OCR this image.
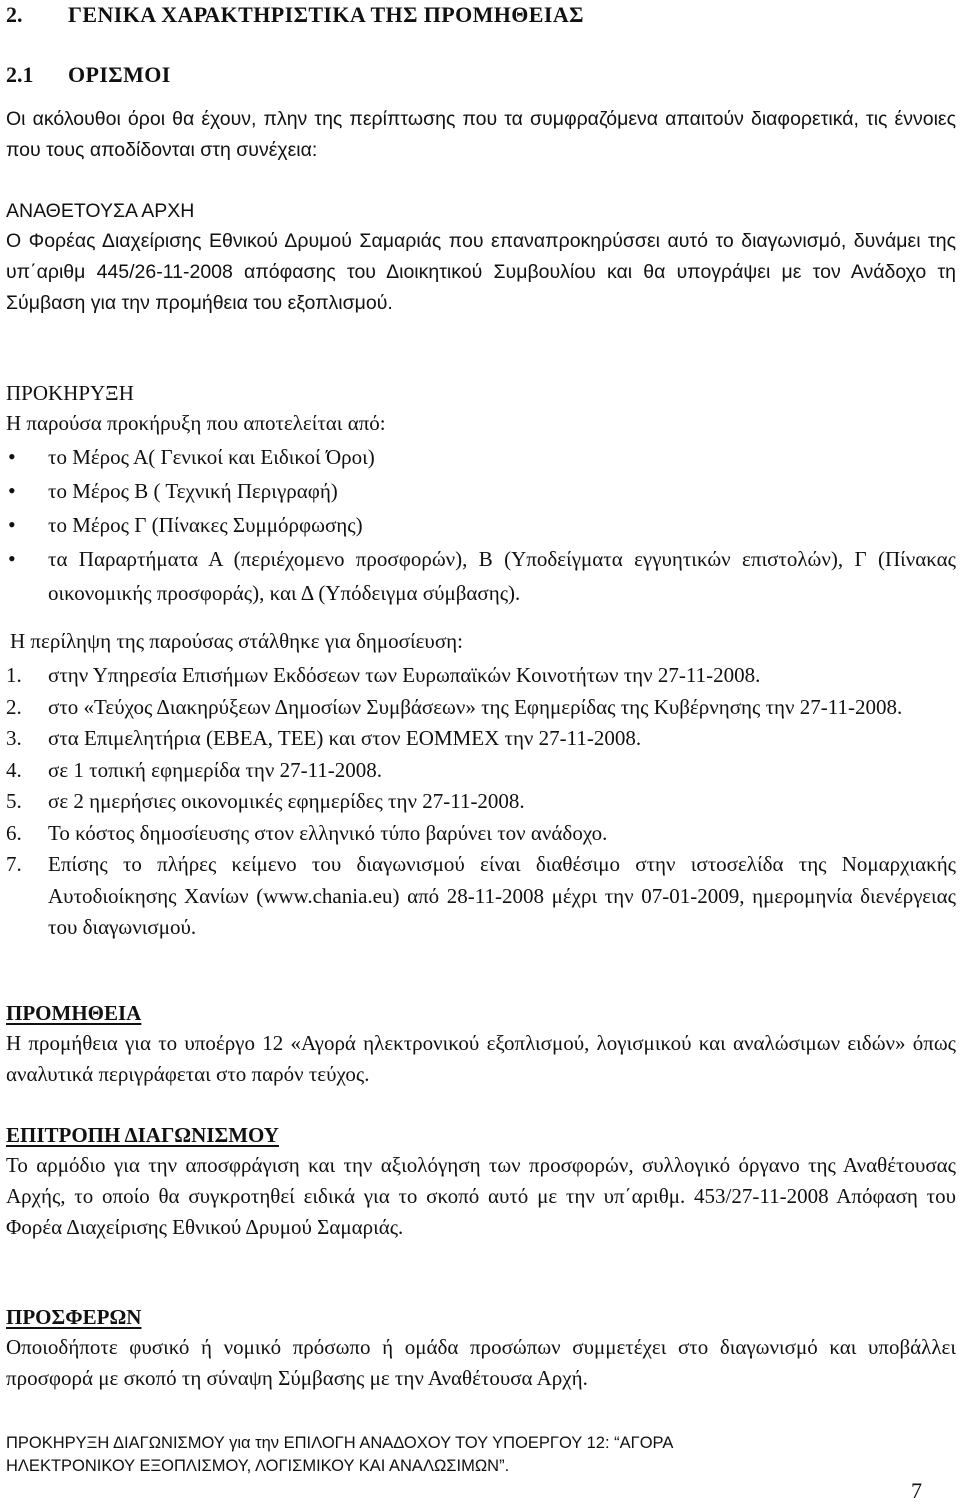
2. ΓΕΝΙΚΑ ΧΑΡΑΚΤΗΡΙΣΤΙΚΑ ΤΗΣ ΠΡΟΜΗΘΕΙΑΣ
2.1 ΟΡΙΣΜΟΙ
Οι ακόλουθοι όροι θα έχουν, πλην της περίπτωσης που τα συμφραζόμενα απαιτούν διαφορετικά, τις έννοιες που τους αποδίδονται στη συνέχεια:
ΑΝΑΘΕΤΟΥΣΑ ΑΡΧΗ
Ο Φορέας Διαχείρισης Εθνικού Δρυμού Σαμαριάς που επαναπροκηρύσσει αυτό το διαγωνισμό, δυνάμει της υπ΄αριθμ 445/26-11-2008 απόφασης του Διοικητικού Συμβουλίου και θα υπογράψει με τον Ανάδοχο τη Σύμβαση για την προμήθεια του εξοπλισμού.
ΠΡΟΚΗΡΥΞΗ
Η παρούσα προκήρυξη που αποτελείται από:
• το Μέρος Α( Γενικοί και Ειδικοί Όροι)
• το Μέρος Β ( Τεχνική Περιγραφή)
• το Μέρος Γ (Πίνακες Συμμόρφωσης)
• τα Παραρτήματα Α (περιέχομενο προσφορών), Β (Υποδείγματα εγγυητικών επιστολών), Γ (Πίνακας οικονομικής προσφοράς), και Δ (Υπόδειγμα σύμβασης).
Η περίληψη της παρούσας στάλθηκε για δημοσίευση:
1. στην Υπηρεσία Επισήμων Εκδόσεων των Ευρωπαϊκών Κοινοτήτων την 27-11-2008.
2. στο «Τεύχος Διακηρύξεων Δημοσίων Συμβάσεων» της Εφημερίδας της Κυβέρνησης την 27-11-2008.
3. στα Επιμελητήρια (ΕΒΕΑ, ΤΕΕ) και στον ΕΟΜΜΕΧ την 27-11-2008.
4. σε 1 τοπική εφημερίδα την 27-11-2008.
5. σε 2 ημερήσιες οικονομικές εφημερίδες την 27-11-2008.
6. Το κόστος δημοσίευσης στον ελληνικό τύπο βαρύνει τον ανάδοχο.
7. Επίσης το πλήρες κείμενο του διαγωνισμού είναι διαθέσιμο στην ιστοσελίδα της Νομαρχιακής Αυτοδιοίκησης Χανίων (www.chania.eu) από 28-11-2008 μέχρι την 07-01-2009, ημερομηνία διενέργειας του διαγωνισμού.
ΠΡΟΜΗΘΕΙΑ
Η προμήθεια για το υποέργο 12 «Αγορά ηλεκτρονικού εξοπλισμού, λογισμικού και αναλώσιμων ειδών» όπως αναλυτικά περιγράφεται στο παρόν τεύχος.
ΕΠΙΤΡΟΠΗ ΔΙΑΓΩΝΙΣΜΟΥ
Το αρμόδιο για την αποσφράγιση και την αξιολόγηση των προσφορών, συλλογικό όργανο της Αναθέτουσας Αρχής, το οποίο θα συγκροτηθεί ειδικά για το σκοπό αυτό με την υπ΄αριθμ. 453/27-11-2008 Απόφαση του Φορέα Διαχείρισης Εθνικού Δρυμού Σαμαριάς.
ΠΡΟΣΦΕΡΩΝ
Οποιοδήποτε φυσικό ή νομικό πρόσωπο ή ομάδα προσώπων συμμετέχει στο διαγωνισμό και υποβάλλει προσφορά με σκοπό τη σύναψη Σύμβασης με την Αναθέτουσα Αρχή.
ΠΡΟΚΗΡΥΞΗ ΔΙΑΓΩΝΙΣΜΟΥ για την ΕΠΙΛΟΓΗ ΑΝΑΔΟΧΟΥ ΤΟΥ ΥΠΟΕΡΓΟΥ 12: “ΑΓΟΡΑ
ΗΛΕΚΤΡΟΝΙΚΟΥ ΕΞΟΠΛΙΣΜΟΥ, ΛΟΓΙΣΜΙΚΟΥ ΚΑΙ ΑΝΑΛΩΣΙΜΩΝ”.
7
